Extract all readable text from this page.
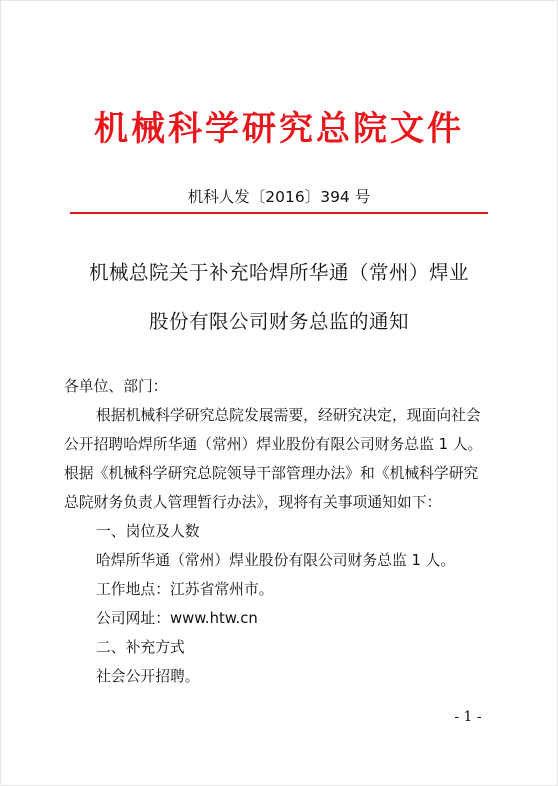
机械科学研究总院文件
机科人发〔2016〕394 号
机械总院关于补充哈焊所华通（常州）焊业
股份有限公司财务总监的通知
各单位、部门：
根据机械科学研究总院发展需要，经研究决定，现面向社会
公开招聘哈焊所华通（常州）焊业股份有限公司财务总监 1 人。
根据《机械科学研究总院领导干部管理办法》和《机械科学研究
总院财务负责人管理暂行办法》，现将有关事项通知如下：
一、岗位及人数
哈焊所华通（常州）焊业股份有限公司财务总监 1 人。
工作地点：江苏省常州市。
公司网址：www.htw.cn
二、补充方式
社会公开招聘。
- 1 -
